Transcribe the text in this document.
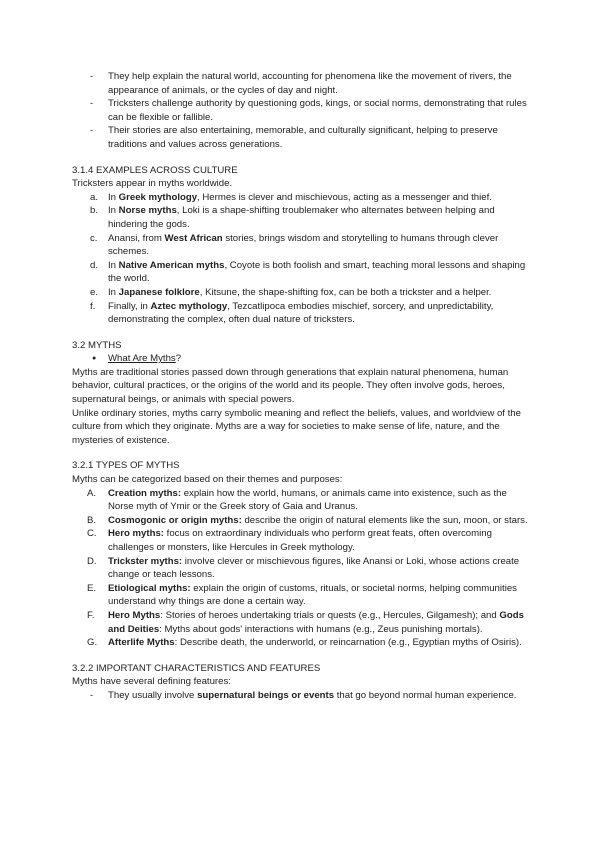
- They help explain the natural world, accounting for phenomena like the movement of rivers, the appearance of animals, or the cycles of day and night.
- Tricksters challenge authority by questioning gods, kings, or social norms, demonstrating that rules can be flexible or fallible.
- Their stories are also entertaining, memorable, and culturally significant, helping to preserve traditions and values across generations.
3.1.4 EXAMPLES ACROSS CULTURE

Tricksters appear in myths worldwide.

a. In Greek mythology, Hermes is clever and mischievous, acting as a messenger and thief.
b. In Norse myths, Loki is a shape-shifting troublemaker who alternates between helping and hindering the gods.
c. Anansi, from West African stories, brings wisdom and storytelling to humans through clever schemes.
d. In Native American myths, Coyote is both foolish and smart, teaching moral lessons and shaping the world.
e. In Japanese folklore, Kitsune, the shape-shifting fox, can be both a trickster and a helper.
f. Finally, in Aztec mythology, Tezcatlipoca embodies mischief, sorcery, and unpredictability, demonstrating the complex, often dual nature of tricksters.
3.2 MYTHS
● What Are Myths?

Myths are traditional stories passed down through generations that explain natural phenomena, human behavior, cultural practices, or the origins of the world and its people. They often involve gods, heroes, supernatural beings, or animals with special powers.

Unlike ordinary stories, myths carry symbolic meaning and reflect the beliefs, values, and worldview of the culture from which they originate. Myths are a way for societies to make sense of life, nature, and the mysteries of existence.

3.2.1 TYPES OF MYTHS

Myths can be categorized based on their themes and purposes:

A. Creation myths: explain how the world, humans, or animals came into existence, such as the Norse myth of Ymir or the Greek story of Gaia and Uranus.
B. Cosmogonic or origin myths: describe the origin of natural elements like the sun, moon, or stars.
C. Hero myths: focus on extraordinary individuals who perform great feats, often overcoming challenges or monsters, like Hercules in Greek mythology.
D. Trickster myths: involve clever or mischievous figures, like Anansi or Loki, whose actions create change or teach lessons.
E. Etiological myths: explain the origin of customs, rituals, or societal norms, helping communities understand why things are done a certain way.
F. Hero Myths: Stories of heroes undertaking trials or quests (e.g., Hercules, Gilgamesh); and Gods and Deities: Myths about gods' interactions with humans (e.g., Zeus punishing mortals).
G. Afterlife Myths: Describe death, the underworld, or reincarnation (e.g., Egyptian myths of Osiris).
3.2.2 IMPORTANT CHARACTERISTICS AND FEATURES

Myths have several defining features:

- They usually involve supernatural beings or events that go beyond normal human experience.
